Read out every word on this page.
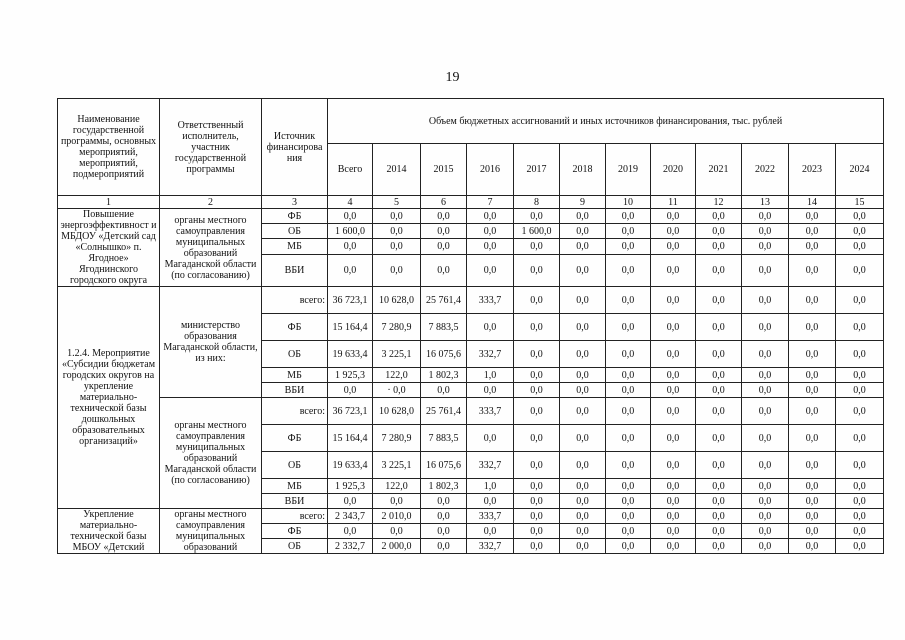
19
Наименование государственной программы, основных мероприятий, мероприятий, подмероприятий	Ответственный исполнитель, участник государственной программы	Источник финансирова ния	Объем бюджетных ассигнований и иных источников финансирования, тыс. рублей											
			Всего	2014	2015	2016	2017	2018	2019	2020	2021	2022	2023	2024
1	2	3	4	5	6	7	8	9	10	11	12	13	14	15
Повышение энергоэффективност и МБДОУ «Детский сад «Солнышко» п. Ягодное» Ягоднинского городского округа	органы местного самоуправления муниципальных образований Магаданской области (по согласованию)	ФБ	0,0	0,0	0,0	0,0	0,0	0,0	0,0	0,0	0,0	0,0	0,0	0,0
		ОБ	1 600,0	0,0	0,0	0,0	1 600,0	0,0	0,0	0,0	0,0	0,0	0,0	0,0
		МБ	0,0	0,0	0,0	0,0	0,0	0,0	0,0	0,0	0,0	0,0	0,0	0,0
		ВБИ	0,0	0,0	0,0	0,0	0,0	0,0	0,0	0,0	0,0	0,0	0,0	0,0
1.2.4. Мероприятие «Субсидии бюджетам городских округов на укрепление материально-технической базы дошкольных образовательных организаций»	министерство образования Магаданской области, из них:	всего:	36 723,1	10 628,0	25 761,4	333,7	0,0	0,0	0,0	0,0	0,0	0,0	0,0	0,0
		ФБ	15 164,4	7 280,9	7 883,5	0,0	0,0	0,0	0,0	0,0	0,0	0,0	0,0	0,0
		ОБ	19 633,4	3 225,1	16 075,6	332,7	0,0	0,0	0,0	0,0	0,0	0,0	0,0	0,0
		МБ	1 925,3	122,0	1 802,3	1,0	0,0	0,0	0,0	0,0	0,0	0,0	0,0	0,0
		ВБИ	0,0	· 0,0	0,0	0,0	0,0	0,0	0,0	0,0	0,0	0,0	0,0	0,0
	органы местного самоуправления муниципальных образований Магаданской области (по согласованию)	всего:	36 723,1	10 628,0	25 761,4	333,7	0,0	0,0	0,0	0,0	0,0	0,0	0,0	0,0
		ФБ	15 164,4	7 280,9	7 883,5	0,0	0,0	0,0	0,0	0,0	0,0	0,0	0,0	0,0
		ОБ	19 633,4	3 225,1	16 075,6	332,7	0,0	0,0	0,0	0,0	0,0	0,0	0,0	0,0
		МБ	1 925,3	122,0	1 802,3	1,0	0,0	0,0	0,0	0,0	0,0	0,0	0,0	0,0
		ВБИ	0,0	0,0	0,0	0,0	0,0	0,0	0,0	0,0	0,0	0,0	0,0	0,0
Укрепление материально-технической базы МБОУ «Детский	органы местного самоуправления муниципальных образований	всего:	2 343,7	2 010,0	0,0	333,7	0,0	0,0	0,0	0,0	0,0	0,0	0,0	0,0
		ФБ	0,0	0,0	0,0	0,0	0,0	0,0	0,0	0,0	0,0	0,0	0,0	0,0
		ОБ	2 332,7	2 000,0	0,0	332,7	0,0	0,0	0,0	0,0	0,0	0,0	0,0	0,0
